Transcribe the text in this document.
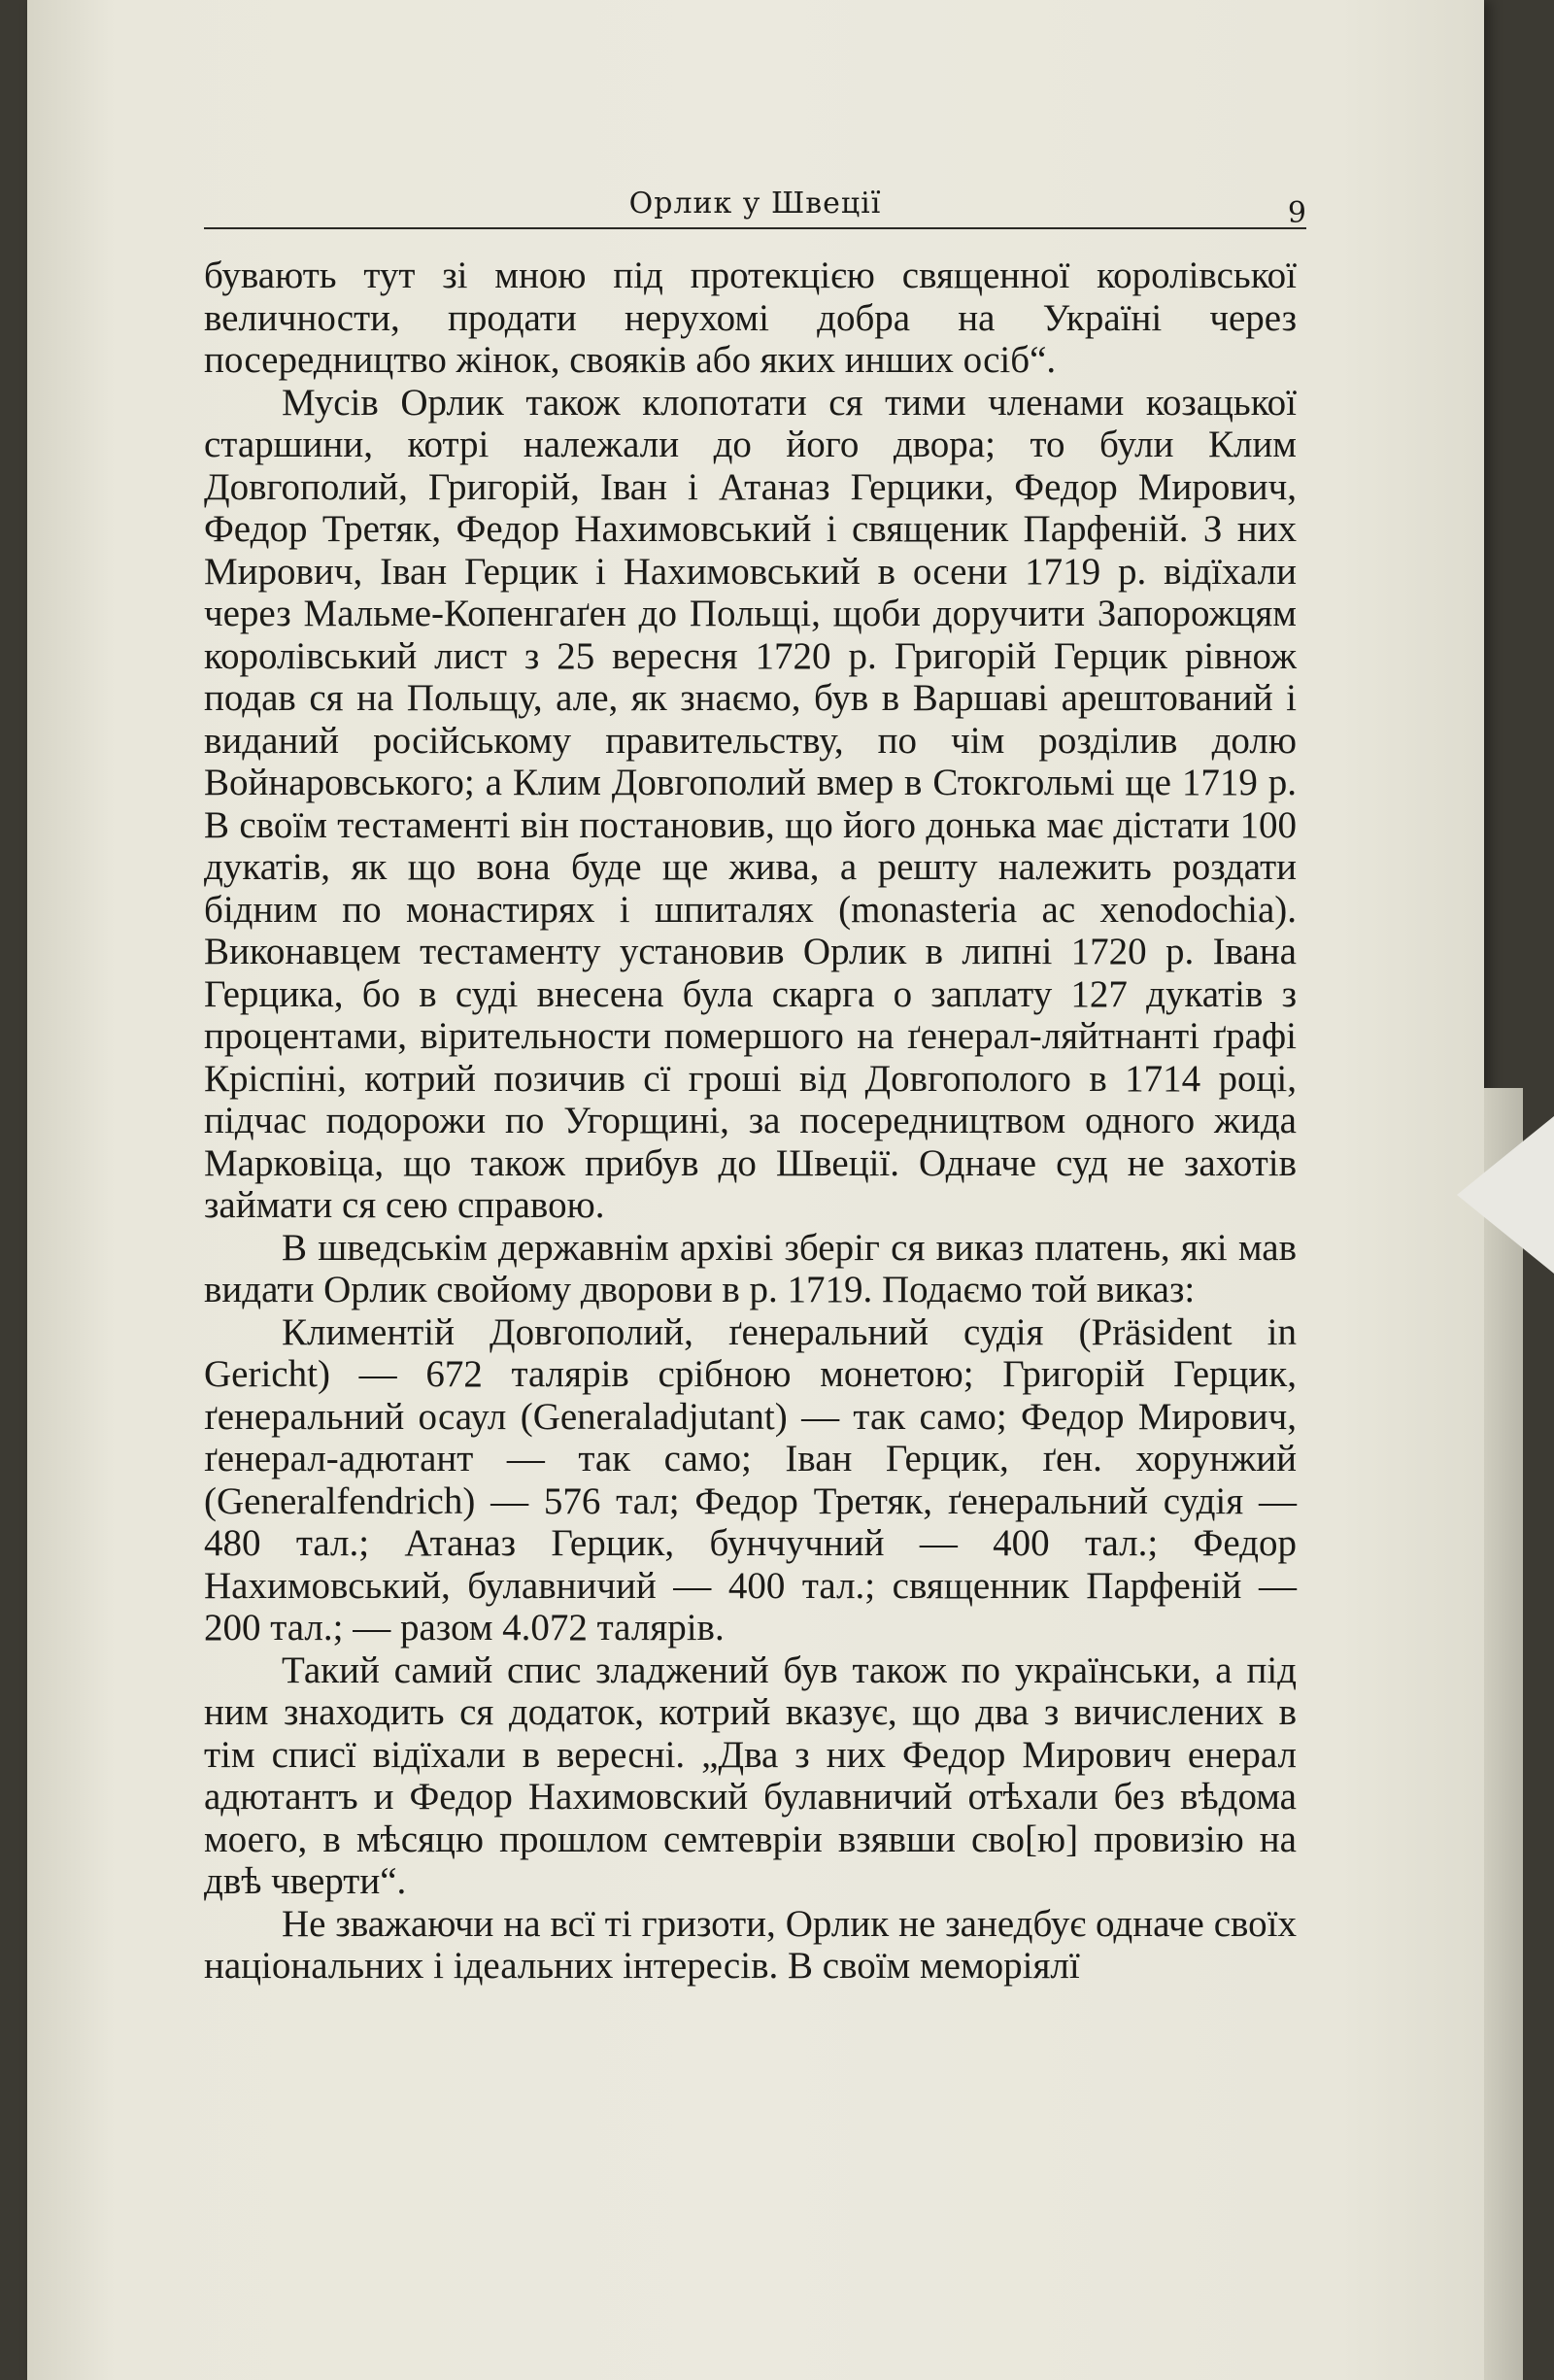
Орлик у Швеції	9

бувають тут зі мною під протекцією священної королівської величности, продати нерухомі добра на Україні через посередництво жінок, свояків або яких инших осіб“.

Мусів Орлик також клопотати ся тими членами козацької старшини, котрі належали до його двора; то були Клим Довгополий, Григорій, Іван і Атаназ Герцики, Федор Мирович, Федор Третяк, Федор Нахимовський і священик Парфеній. З них Мирович, Іван Герцик і Нахимовський в осени 1719 р. відїхали через Мальме-Копенгаґен до Польщі, щоби доручити Запорожцям королівський лист з 25 вересня 1720 р. Григорій Герцик рівнож подав ся на Польщу, але, як знаємо, був в Варшаві арештований і виданий російському правительству, по чім розділив долю Войнаровського; а Клим Довгополий вмер в Стокгольмі ще 1719 р. В своїм тестаменті він постановив, що його донька має дістати 100 дукатів, як що вона буде ще жива, а решту належить роздати бідним по монастирях і шпиталях (monasteria ac xenodochia). Виконавцем тестаменту установив Орлик в липні 1720 р. Івана Герцика, бо в суді внесена була скарга о заплату 127 дукатів з процентами, вірительности помершого на ґенерал-ляйтнанті ґрафі Кріспіні, котрий позичив сї гроші від Довгополого в 1714 році, підчас подорожи по Угорщині, за посередництвом одного жида Марковіца, що також прибув до Швеції. Одначе суд не захотів займати ся сею справою.

В шведськім державнім архіві зберіг ся виказ платень, які мав видати Орлик свойому дворови в р. 1719. Подаємо той виказ:

Климентій Довгополий, ґенеральний судія (Präsident in Gericht) — 672 талярів срібною монетою; Григорій Герцик, ґенеральний осаул (Generaladjutant) — так само; Федор Мирович, ґенерал-адютант — так само; Іван Герцик, ґен. хорунжий (Generalfendrich) — 576 тал; Федор Третяк, ґенеральний судія — 480 тал.; Атаназ Герцик, бунчучний — 400 тал.; Федор Нахимовський, булавничий — 400 тал.; священник Парфеній — 200 тал.; — разом 4.072 талярів.

Такий самий спис зладжений був також по українськи, а під ним знаходить ся додаток, котрий вказує, що два з вичислених в тім списї відїхали в вересні. „Два з них Федор Мирович енерал адютантъ и Федор Нахимовский булавничий отѣхали без вѣдома моего, в мѣсяцю прошлом семтеврiи взявши сво[ю] провизiю на двѣ чверти“.

Не зважаючи на всї ті гризоти, Орлик не занедбує одначе своїх національних і ідеальних інтересів. В своїм меморіялї
